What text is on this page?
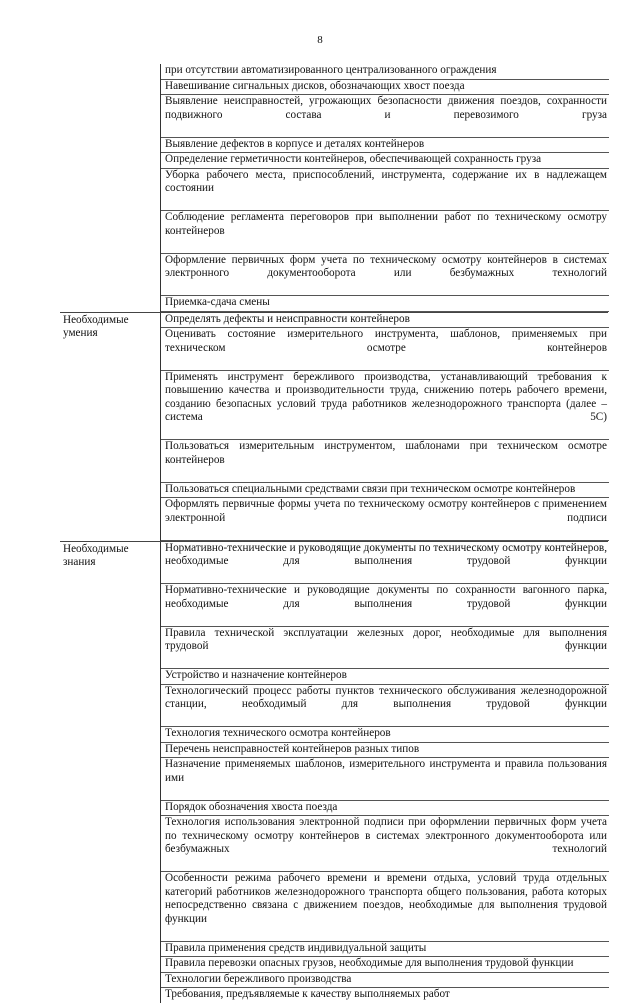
8
при отсутствии автоматизированного централизованного ограждения
Навешивание сигнальных дисков, обозначающих хвост поезда
Выявление неисправностей, угрожающих безопасности движения поездов, сохранности подвижного состава и перевозимого груза
Выявление дефектов в корпусе и деталях контейнеров
Определение герметичности контейнеров, обеспечивающей сохранность груза
Уборка рабочего места, приспособлений, инструмента, содержание их в надлежащем состоянии
Соблюдение регламента переговоров при выполнении работ по техническому осмотру контейнеров
Оформление первичных форм учета по техническому осмотру контейнеров в системах электронного документооборота или безбумажных технологий
Приемка-сдача смены
Необходимые умения
Определять дефекты и неисправности контейнеров
Оценивать состояние измерительного инструмента, шаблонов, применяемых при техническом осмотре контейнеров
Применять инструмент бережливого производства, устанавливающий требования к повышению качества и производительности труда, снижению потерь рабочего времени, созданию безопасных условий труда работников железнодорожного транспорта (далее – система 5С)
Пользоваться измерительным инструментом, шаблонами при техническом осмотре контейнеров
Пользоваться специальными средствами связи при техническом осмотре контейнеров
Оформлять первичные формы учета по техническому осмотру контейнеров с применением электронной подписи
Необходимые знания
Нормативно-технические и руководящие документы по техническому осмотру контейнеров, необходимые для выполнения трудовой функции
Нормативно-технические и руководящие документы по сохранности вагонного парка, необходимые для выполнения трудовой функции
Правила технической эксплуатации железных дорог, необходимые для выполнения трудовой функции
Устройство и назначение контейнеров
Технологический процесс работы пунктов технического обслуживания железнодорожной станции, необходимый для выполнения трудовой функции
Технология технического осмотра контейнеров
Перечень неисправностей контейнеров разных типов
Назначение применяемых шаблонов, измерительного инструмента и правила пользования ими
Порядок обозначения хвоста поезда
Технология использования электронной подписи при оформлении первичных форм учета по техническому осмотру контейнеров в системах электронного документооборота или безбумажных технологий
Особенности режима рабочего времени и времени отдыха, условий труда отдельных категорий работников железнодорожного транспорта общего пользования, работа которых непосредственно связана с движением поездов, необходимые для выполнения трудовой функции
Правила применения средств индивидуальной защиты
Правила перевозки опасных грузов, необходимые для выполнения трудовой функции
Технологии бережливого производства
Требования, предъявляемые к качеству выполняемых работ
